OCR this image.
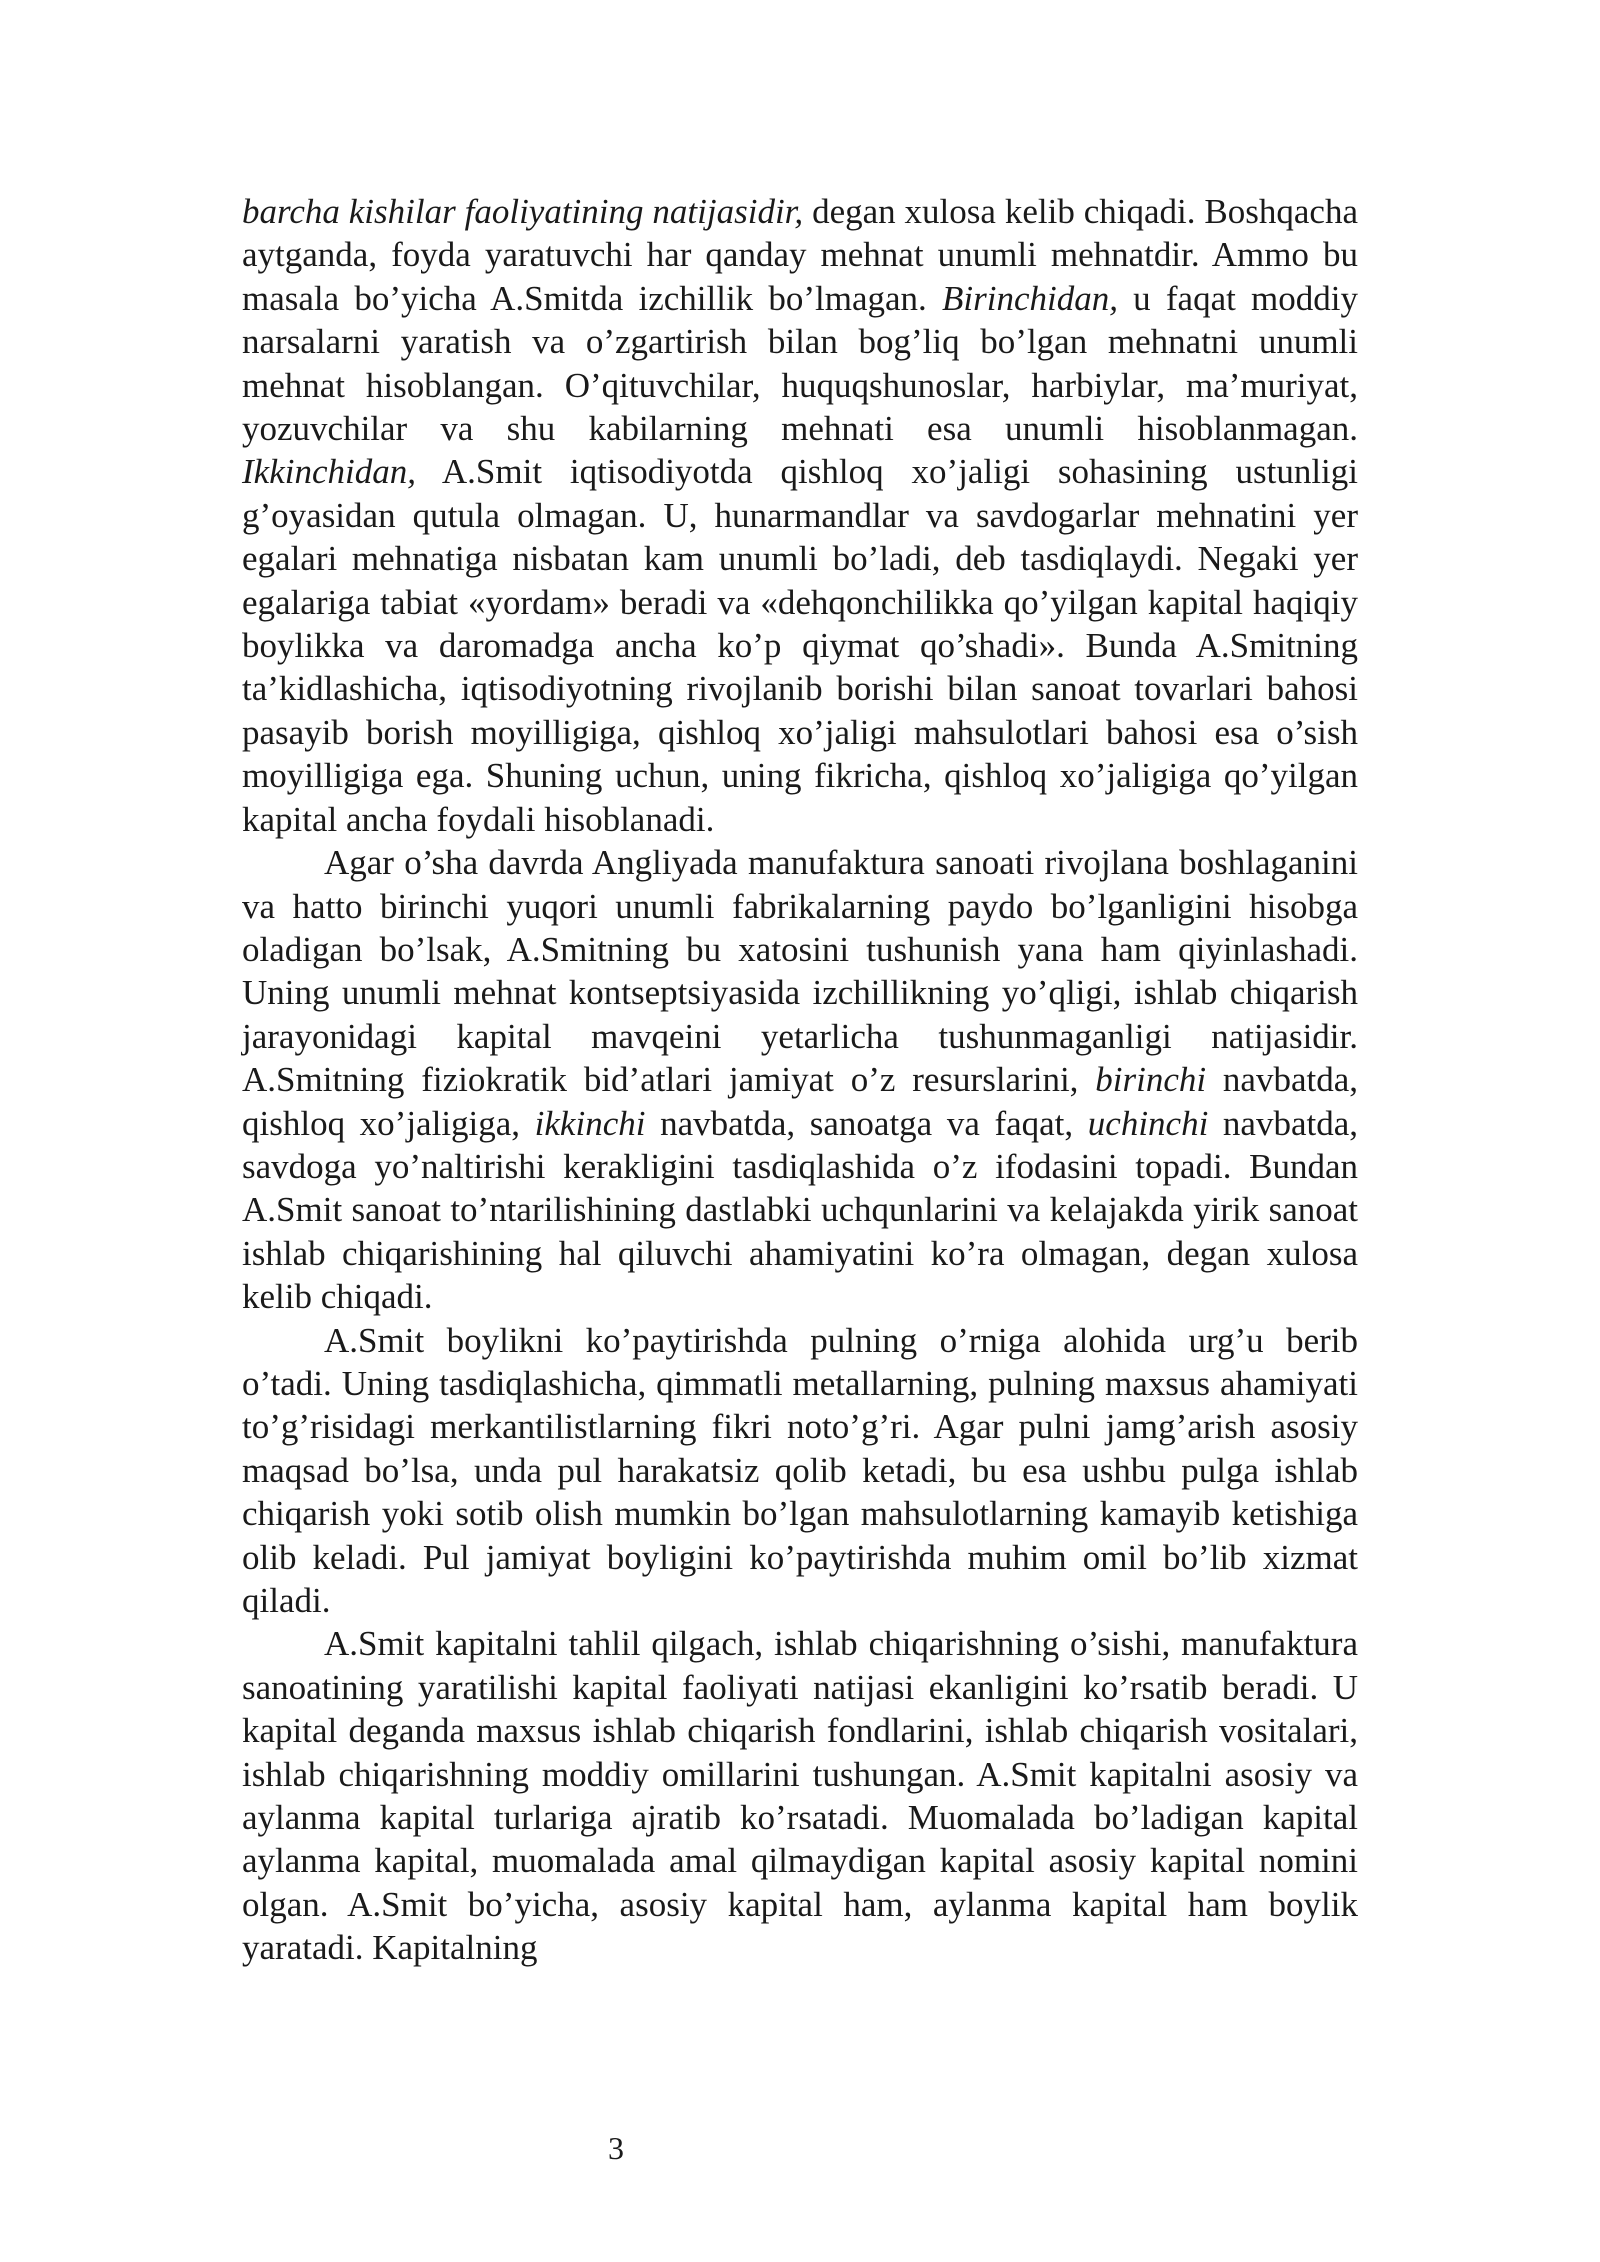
barcha kishilar faoliyatining natijasidir, degan xulosa kelib chiqadi. Boshqacha aytganda, foyda yaratuvchi har qanday mehnat unumli mehnatdir. Ammo bu masala bo’yicha A.Smitda izchillik bo’lmagan. Birinchidan, u faqat moddiy narsalarni yaratish va o’zgartirish bilan bog’liq bo’lgan mehnatni unumli mehnat hisoblangan. O’qituvchilar, huquqshunoslar, harbiylar, ma’muriyat, yozuvchilar va shu kabilarning mehnati esa unumli hisoblanmagan. Ikkinchidan, A.Smit iqtisodiyotda qishloq xo’jaligi sohasining ustunligi g’oyasidan qutula olmagan. U, hunarmandlar va savdogarlar mehnatini yer egalari mehnatiga nisbatan kam unumli bo’ladi, deb tasdiqlaydi. Negaki yer egalariga tabiat «yordam» beradi va «dehqonchilikka qo’yilgan kapital haqiqiy boylikka va daromadga ancha ko’p qiymat qo’shadi». Bunda A.Smitning ta’kidlashicha, iqtisodiyotning rivojlanib borishi bilan sanoat tovarlari bahosi pasayib borish moyilligiga, qishloq xo’jaligi mahsulotlari bahosi esa o’sish moyilligiga ega. Shuning uchun, uning fikricha, qishloq xo’jaligiga qo’yilgan kapital ancha foydali hisoblanadi.

Agar o’sha davrda Angliyada manufaktura sanoati rivojlana boshlaganini va hatto birinchi yuqori unumli fabrikalarning paydo bo’lganligini hisobga oladigan bo’lsak, A.Smitning bu xatosini tushunish yana ham qiyinlashadi. Uning unumli mehnat kontseptsiyasida izchillikning yo’qligi, ishlab chiqarish jarayonidagi kapital mavqeini yetarlicha tushunmaganligi natijasidir. A.Smitning fiziokratik bid’atlari jamiyat o’z resurslarini, birinchi navbatda, qishloq xo’jaligiga, ikkinchi navbatda, sanoatga va faqat, uchinchi navbatda, savdoga yo’naltirishi kerakligini tasdiqlashida o’z ifodasini topadi. Bundan A.Smit sanoat to’ntarilishining dastlabki uchqunlarini va kelajakda yirik sanoat ishlab chiqarishining hal qiluvchi ahamiyatini ko’ra olmagan, degan xulosa kelib chiqadi.

A.Smit boylikni ko’paytirishda pulning o’rniga alohida urg’u berib o’tadi. Uning tasdiqlashicha, qimmatli metallarning, pulning maxsus ahamiyati to’g’risidagi merkantilistlarning fikri noto’g’ri. Agar pulni jamg’arish asosiy maqsad bo’lsa, unda pul harakatsiz qolib ketadi, bu esa ushbu pulga ishlab chiqarish yoki sotib olish mumkin bo’lgan mahsulotlarning kamayib ketishiga olib keladi. Pul jamiyat boyligini ko’paytirishda muhim omil bo’lib xizmat qiladi.

A.Smit kapitalni tahlil qilgach, ishlab chiqarishning o’sishi, manufaktura sanoatining yaratilishi kapital faoliyati natijasi ekanligini ko’rsatib beradi. U kapital deganda maxsus ishlab chiqarish fondlarini, ishlab chiqarish vositalari, ishlab chiqarishning moddiy omillarini tushungan. A.Smit kapitalni asosiy va aylanma kapital turlariga ajratib ko’rsatadi. Muomalada bo’ladigan kapital aylanma kapital, muomalada amal qilmaydigan kapital asosiy kapital nomini olgan. A.Smit bo’yicha, asosiy kapital ham, aylanma kapital ham boylik yaratadi. Kapitalning

3
